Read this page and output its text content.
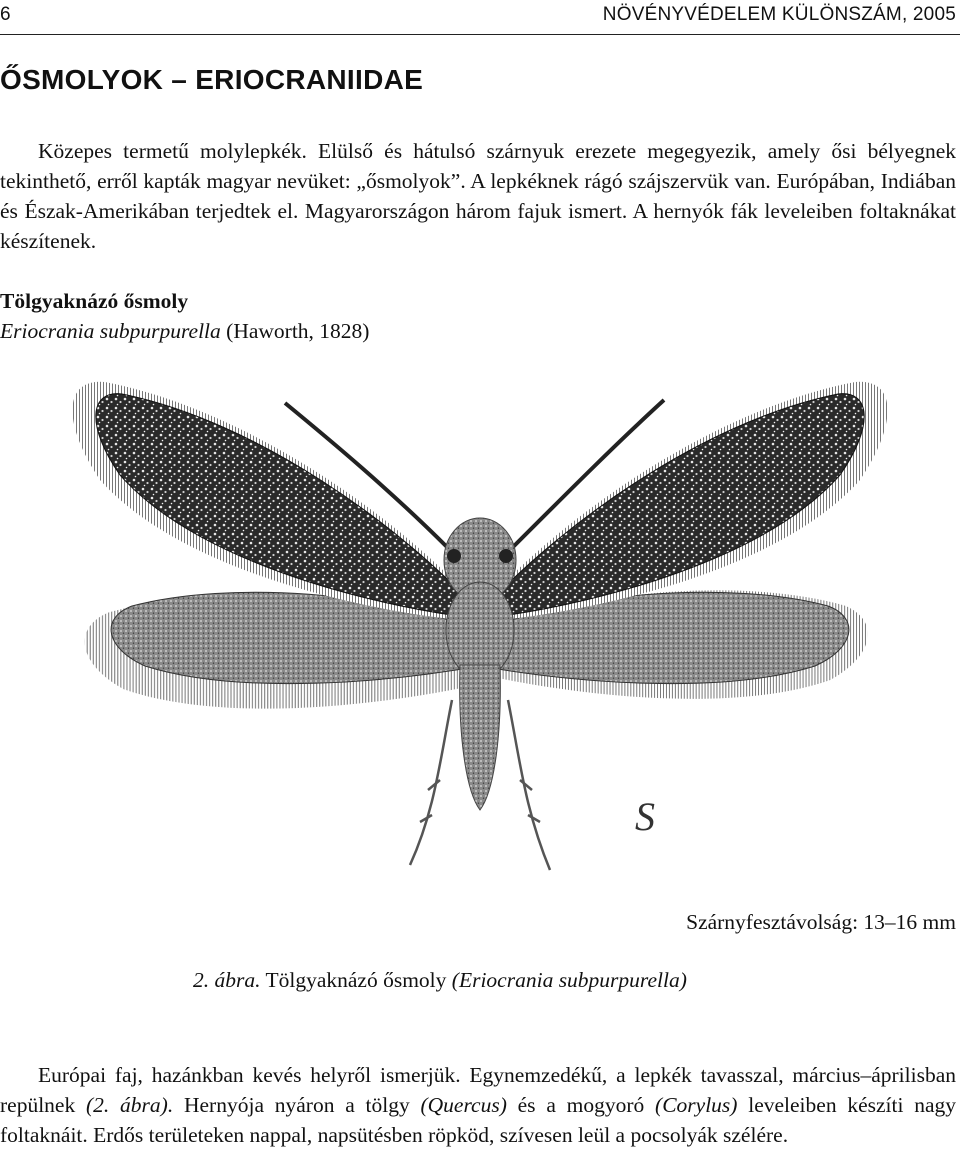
6	NÖVÉNYVÉDELEM KÜLÖNSZÁM, 2005
ŐSMOLYOK – ERIOCRANIIDAE

Közepes termetű molylepkék. Elülső és hátulsó szárnyuk erezete megegyezik, amely ősi bélyegnek tekinthető, erről kapták magyar nevüket: „ősmolyok”. A lepkéknek rágó szájszervük van. Európában, Indiában és Észak-Amerikában terjedtek el. Magyarországon három fajuk ismert. A hernyók fák leveleiben foltaknákat készítenek.

Tölgyaknázó ősmoly
Eriocrania subpurpurella (Haworth, 1828)
S
Szárnyfesztávolság: 13–16 mm
2. ábra. Tölgyaknázó ősmoly (Eriocrania subpurpurella)

Európai faj, hazánkban kevés helyről ismerjük. Egynemzedékű, a lepkék tavasszal, március–áprilisban repülnek (2. ábra). Hernyója nyáron a tölgy (Quercus) és a mogyoró (Corylus) leveleiben készíti nagy foltaknáit. Erdős területeken nappal, napsütésben röpköd, szívesen leül a pocsolyák szélére.
